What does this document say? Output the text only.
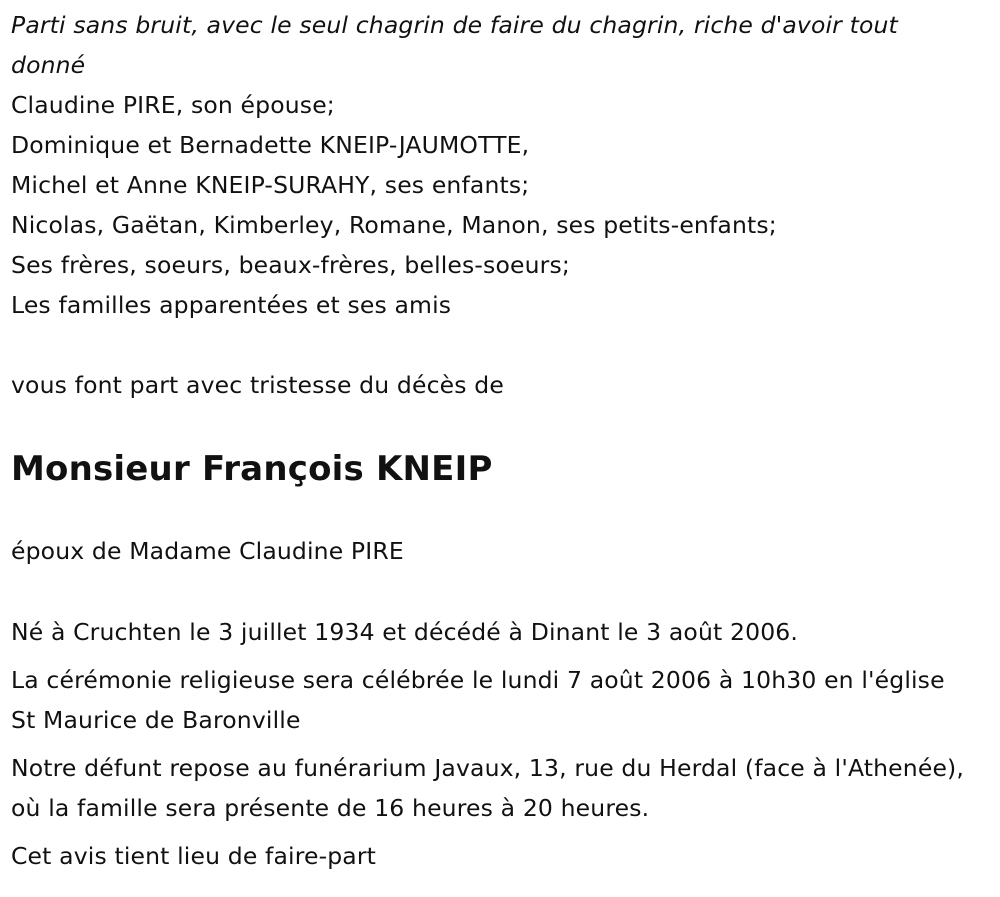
Parti sans bruit, avec le seul chagrin de faire du chagrin, riche d'avoir tout donné
Claudine PIRE, son épouse;
Dominique et Bernadette KNEIP-JAUMOTTE,
Michel et Anne KNEIP-SURAHY, ses enfants;
Nicolas, Gaëtan, Kimberley, Romane, Manon, ses petits-enfants;
Ses frères, soeurs, beaux-frères, belles-soeurs;
Les familles apparentées et ses amis
vous font part avec tristesse du décès de
Monsieur François KNEIP
époux de Madame Claudine PIRE
Né à Cruchten le 3 juillet 1934 et décédé à Dinant le 3 août 2006.
La cérémonie religieuse sera célébrée le lundi 7 août 2006 à 10h30 en l'église St Maurice de Baronville
Notre défunt repose au funérarium Javaux, 13, rue du Herdal (face à l'Athenée), où la famille sera présente de 16 heures à 20 heures.
Cet avis tient lieu de faire-part
